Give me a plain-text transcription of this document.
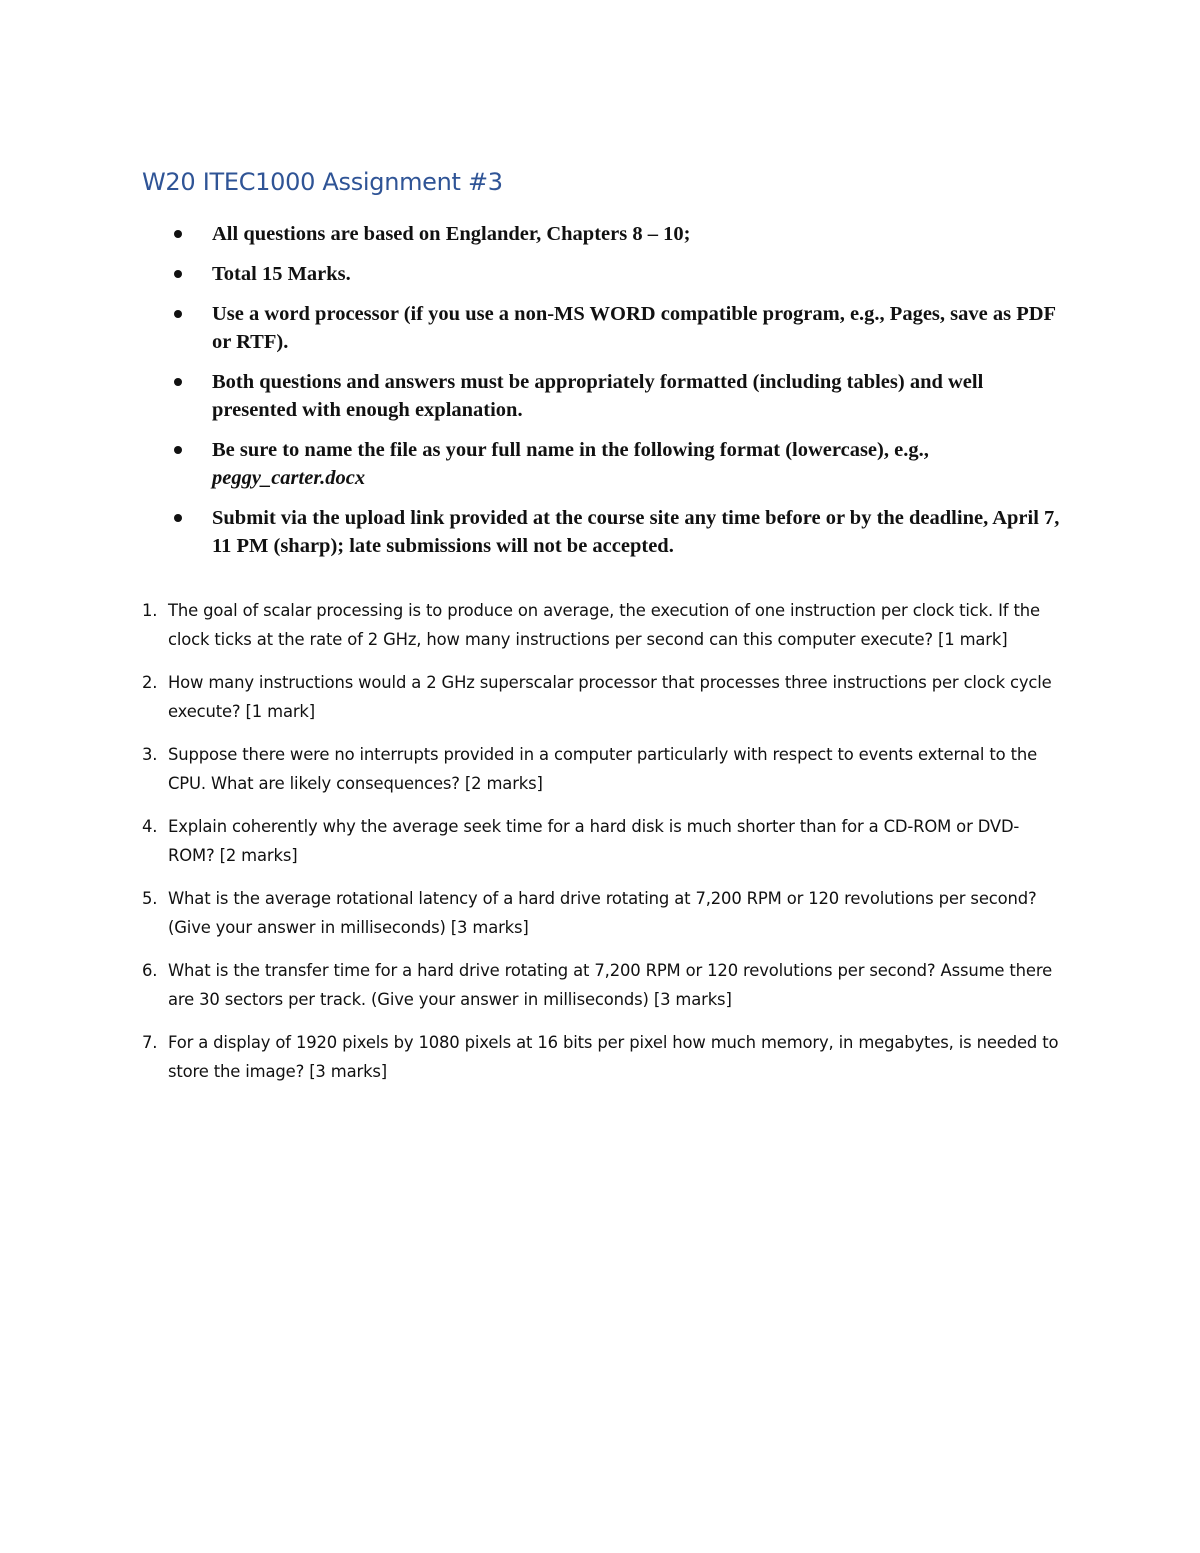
W20 ITEC1000 Assignment #3
All questions are based on Englander, Chapters 8 – 10;
Total 15 Marks.
Use a word processor (if you use a non-MS WORD compatible program, e.g., Pages, save as PDF or RTF).
Both questions and answers must be appropriately formatted (including tables) and well presented with enough explanation.
Be sure to name the file as your full name in the following format (lowercase), e.g., peggy_carter.docx
Submit via the upload link provided at the course site any time before or by the deadline, April 7, 11 PM (sharp); late submissions will not be accepted.
1. The goal of scalar processing is to produce on average, the execution of one instruction per clock tick. If the clock ticks at the rate of 2 GHz, how many instructions per second can this computer execute? [1 mark]
2. How many instructions would a 2 GHz superscalar processor that processes three instructions per clock cycle execute? [1 mark]
3. Suppose there were no interrupts provided in a computer particularly with respect to events external to the CPU. What are likely consequences? [2 marks]
4. Explain coherently why the average seek time for a hard disk is much shorter than for a CD-ROM or DVD-ROM? [2 marks]
5. What is the average rotational latency of a hard drive rotating at 7,200 RPM or 120 revolutions per second? (Give your answer in milliseconds) [3 marks]
6. What is the transfer time for a hard drive rotating at 7,200 RPM or 120 revolutions per second? Assume there are 30 sectors per track. (Give your answer in milliseconds) [3 marks]
7. For a display of 1920 pixels by 1080 pixels at 16 bits per pixel how much memory, in megabytes, is needed to store the image? [3 marks]
